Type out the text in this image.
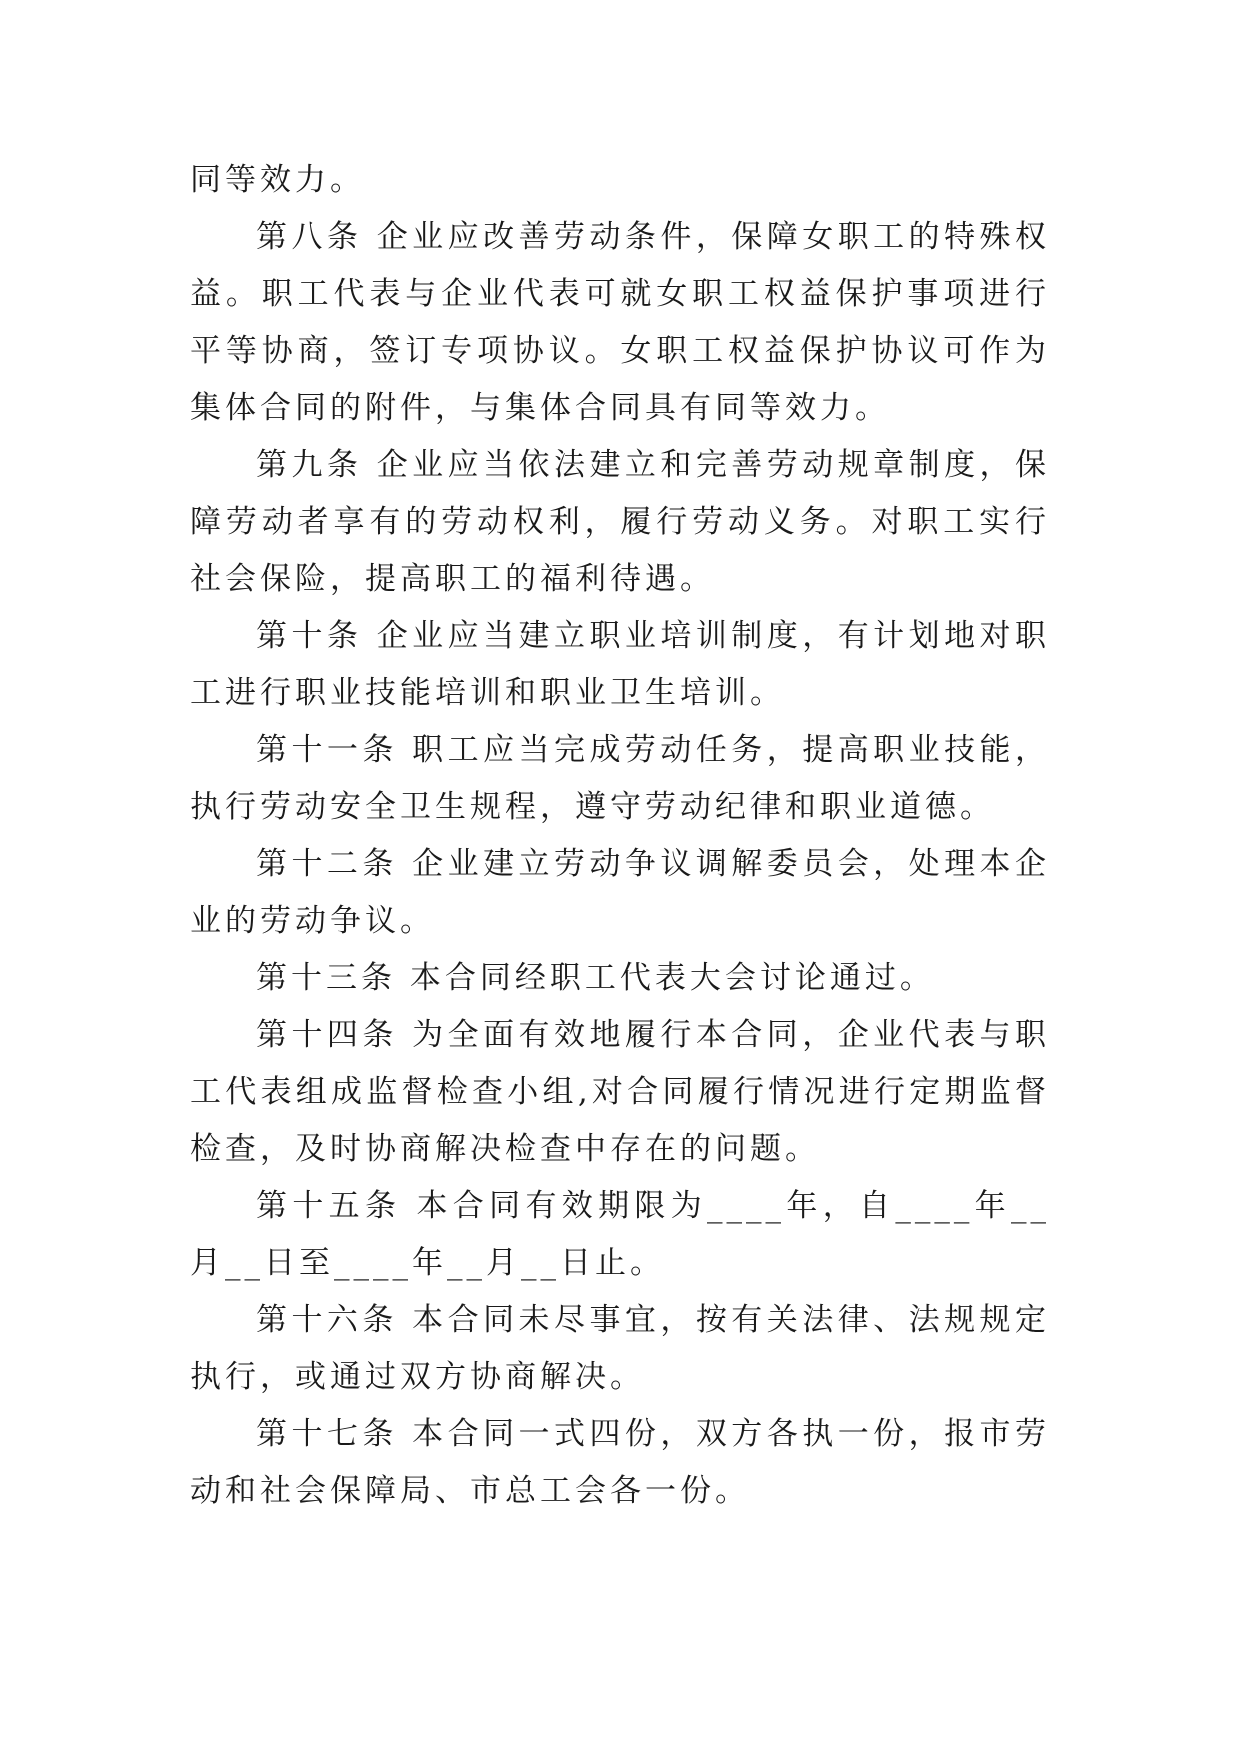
同等效力。

第八条 企业应改善劳动条件，保障女职工的特殊权益。职工代表与企业代表可就女职工权益保护事项进行平等协商，签订专项协议。女职工权益保护协议可作为集体合同的附件，与集体合同具有同等效力。

第九条 企业应当依法建立和完善劳动规章制度，保障劳动者享有的劳动权利，履行劳动义务。对职工实行社会保险，提高职工的福利待遇。

第十条 企业应当建立职业培训制度，有计划地对职工进行职业技能培训和职业卫生培训。

第十一条 职工应当完成劳动任务，提高职业技能，执行劳动安全卫生规程，遵守劳动纪律和职业道德。

第十二条 企业建立劳动争议调解委员会，处理本企业的劳动争议。

第十三条 本合同经职工代表大会讨论通过。

第十四条 为全面有效地履行本合同，企业代表与职工代表组成监督检查小组,对合同履行情况进行定期监督检查，及时协商解决检查中存在的问题。

第十五条 本合同有效期限为____年，自____年__月__日至____年__月__日止。

第十六条 本合同未尽事宜，按有关法律、法规规定执行，或通过双方协商解决。

第十七条 本合同一式四份，双方各执一份，报市劳动和社会保障局、市总工会各一份。
